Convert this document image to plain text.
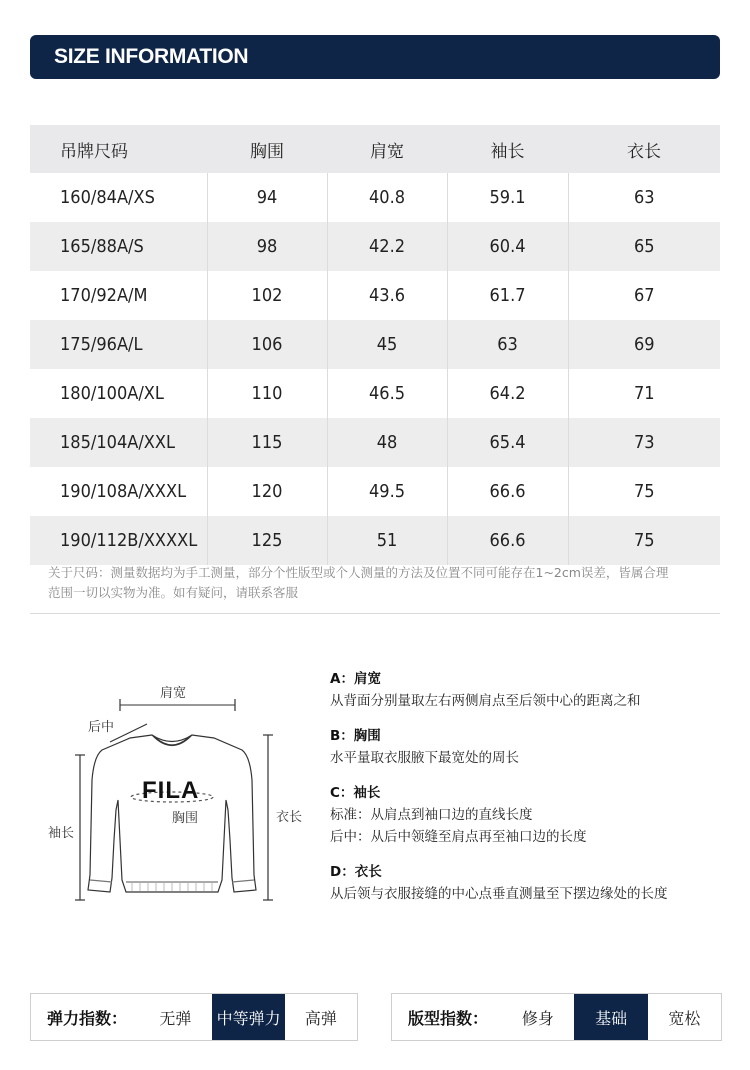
SIZE INFORMATION
吊牌尺码	胸围	肩宽	袖长	衣长
160/84A/XS	94	40.8	59.1	63
165/88A/S	98	42.2	60.4	65
170/92A/M	102	43.6	61.7	67
175/96A/L	106	45	63	69
180/100A/XL	110	46.5	64.2	71
185/104A/XXL	115	48	65.4	73
190/108A/XXXL	120	49.5	66.6	75
190/112B/XXXXL	125	51	66.6	75
关于尺码：测量数据均为手工测量，部分个性版型或个人测量的方法及位置不同可能存在1~2cm误差，皆属合理
范围一切以实物为准。如有疑问，请联系客服
FILA
肩宽
后中
袖长
衣长
胸围
A：肩宽
从背面分别量取左右两侧肩点至后领中心的距离之和
B：胸围
水平量取衣服腋下最宽处的周长
C：袖长
标准：从肩点到袖口边的直线长度
后中：从后中领缝至肩点再至袖口边的长度
D：衣长
从后领与衣服接缝的中心点垂直测量至下摆边缘处的长度
弹力指数：	无弹	中等弹力	高弹	版型指数：	修身	基础	宽松
